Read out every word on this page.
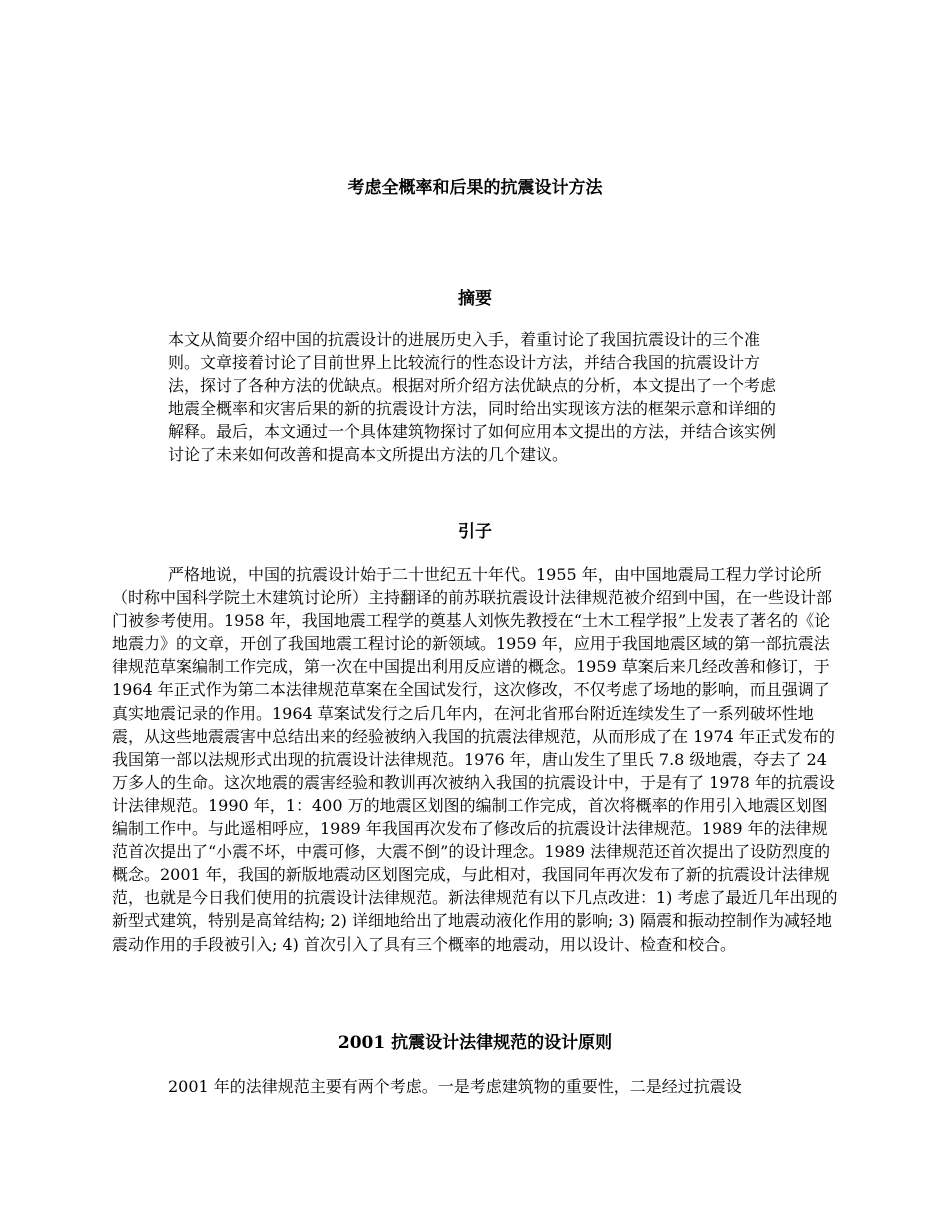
考虑全概率和后果的抗震设计方法
摘要

本文从简要介绍中国的抗震设计的进展历史入手，着重讨论了我国抗震设计的三个准则。文章接着讨论了目前世界上比较流行的性态设计方法，并结合我国的抗震设计方法，探讨了各种方法的优缺点。根据对所介绍方法优缺点的分析，本文提出了一个考虑地震全概率和灾害后果的新的抗震设计方法，同时给出实现该方法的框架示意和详细的解释。最后，本文通过一个具体建筑物探讨了如何应用本文提出的方法，并结合该实例讨论了未来如何改善和提高本文所提出方法的几个建议。

引子

严格地说，中国的抗震设计始于二十世纪五十年代。1955 年，由中国地震局工程力学讨论所（时称中国科学院土木建筑讨论所）主持翻译的前苏联抗震设计法律规范被介绍到中国，在一些设计部门被参考使用。1958 年，我国地震工程学的奠基人刘恢先教授在“土木工程学报”上发表了著名的《论地震力》的文章，开创了我国地震工程讨论的新领域。1959 年，应用于我国地震区域的第一部抗震法律规范草案编制工作完成，第一次在中国提出利用反应谱的概念。1959 草案后来几经改善和修订，于 1964 年正式作为第二本法律规范草案在全国试发行，这次修改，不仅考虑了场地的影响，而且强调了真实地震记录的作用。1964 草案试发行之后几年内，在河北省邢台附近连续发生了一系列破坏性地震，从这些地震震害中总结出来的经验被纳入我国的抗震法律规范，从而形成了在 1974 年正式发布的我国第一部以法规形式出现的抗震设计法律规范。1976 年，唐山发生了里氏 7.8 级地震，夺去了 24 万多人的生命。这次地震的震害经验和教训再次被纳入我国的抗震设计中，于是有了 1978 年的抗震设计法律规范。1990 年，1：400 万的地震区划图的编制工作完成，首次将概率的作用引入地震区划图编制工作中。与此遥相呼应，1989 年我国再次发布了修改后的抗震设计法律规范。1989 年的法律规范首次提出了“小震不坏，中震可修，大震不倒”的设计理念。1989 法律规范还首次提出了设防烈度的概念。2001 年，我国的新版地震动区划图完成，与此相对，我国同年再次发布了新的抗震设计法律规范，也就是今日我们使用的抗震设计法律规范。新法律规范有以下几点改进：1) 考虑了最近几年出现的新型式建筑，特别是高耸结构; 2) 详细地给出了地震动液化作用的影响; 3) 隔震和振动控制作为减轻地震动作用的手段被引入; 4) 首次引入了具有三个概率的地震动，用以设计、检查和校合。

2001 抗震设计法律规范的设计原则

2001 年的法律规范主要有两个考虑。一是考虑建筑物的重要性，二是经过抗震设
